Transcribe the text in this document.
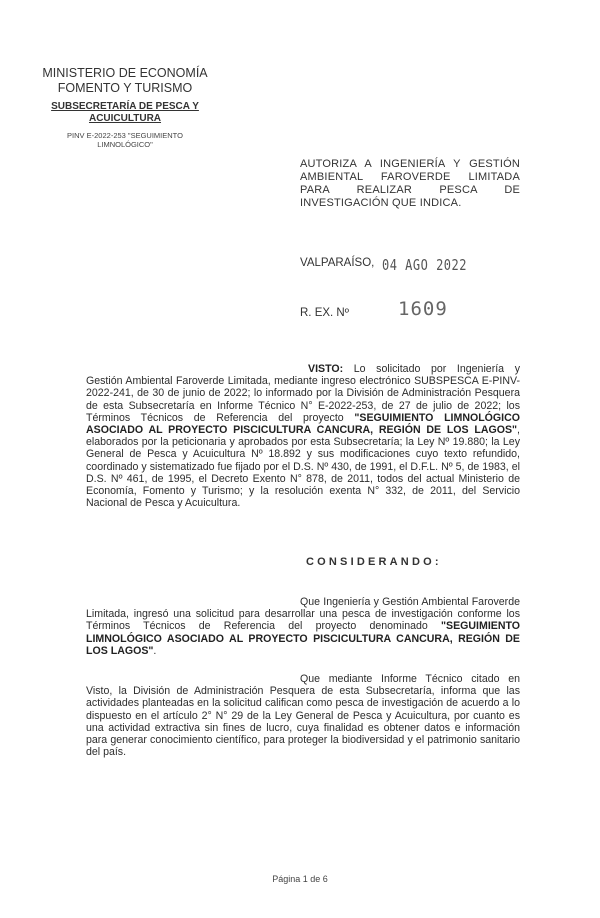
MINISTERIO DE ECONOMÍA
FOMENTO Y TURISMO
SUBSECRETARÍA DE PESCA Y
ACUICULTURA
PINV E-2022-253 "SEGUIMIENTO
LIMNOLÓGICO"
AUTORIZA A INGENIERÍA Y GESTIÓN
AMBIENTAL FAROVERDE LIMITADA
PARA REALIZAR PESCA DE
INVESTIGACIÓN QUE INDICA.
VALPARAÍSO, 04 AGO 2022
R. EX. Nº	1609
VISTO: Lo solicitado por Ingeniería y Gestión Ambiental Faroverde Limitada, mediante ingreso electrónico SUBSPESCA E-PINV-2022-241, de 30 de junio de 2022; lo informado por la División de Administración Pesquera de esta Subsecretaría en Informe Técnico N° E-2022-253, de 27 de julio de 2022; los Términos Técnicos de Referencia del proyecto "SEGUIMIENTO LIMNOLÓGICO ASOCIADO AL PROYECTO PISCICULTURA CANCURA, REGIÓN DE LOS LAGOS", elaborados por la peticionaria y aprobados por esta Subsecretaría; la Ley Nº 19.880; la Ley General de Pesca y Acuicultura Nº 18.892 y sus modificaciones cuyo texto refundido, coordinado y sistematizado fue fijado por el D.S. Nº 430, de 1991, el D.F.L. Nº 5, de 1983, el D.S. Nº 461, de 1995, el Decreto Exento N° 878, de 2011, todos del actual Ministerio de Economía, Fomento y Turismo; y la resolución exenta N° 332, de 2011, del Servicio Nacional de Pesca y Acuicultura.
CONSIDERANDO:
Que Ingeniería y Gestión Ambiental Faroverde Limitada, ingresó una solicitud para desarrollar una pesca de investigación conforme los Términos Técnicos de Referencia del proyecto denominado "SEGUIMIENTO LIMNOLÓGICO ASOCIADO AL PROYECTO PISCICULTURA CANCURA, REGIÓN DE LOS LAGOS".
Que mediante Informe Técnico citado en Visto, la División de Administración Pesquera de esta Subsecretaría, informa que las actividades planteadas en la solicitud califican como pesca de investigación de acuerdo a lo dispuesto en el artículo 2° N° 29 de la Ley General de Pesca y Acuicultura, por cuanto es una actividad extractiva sin fines de lucro, cuya finalidad es obtener datos e información para generar conocimiento científico, para proteger la biodiversidad y el patrimonio sanitario del país.
Página 1 de 6
